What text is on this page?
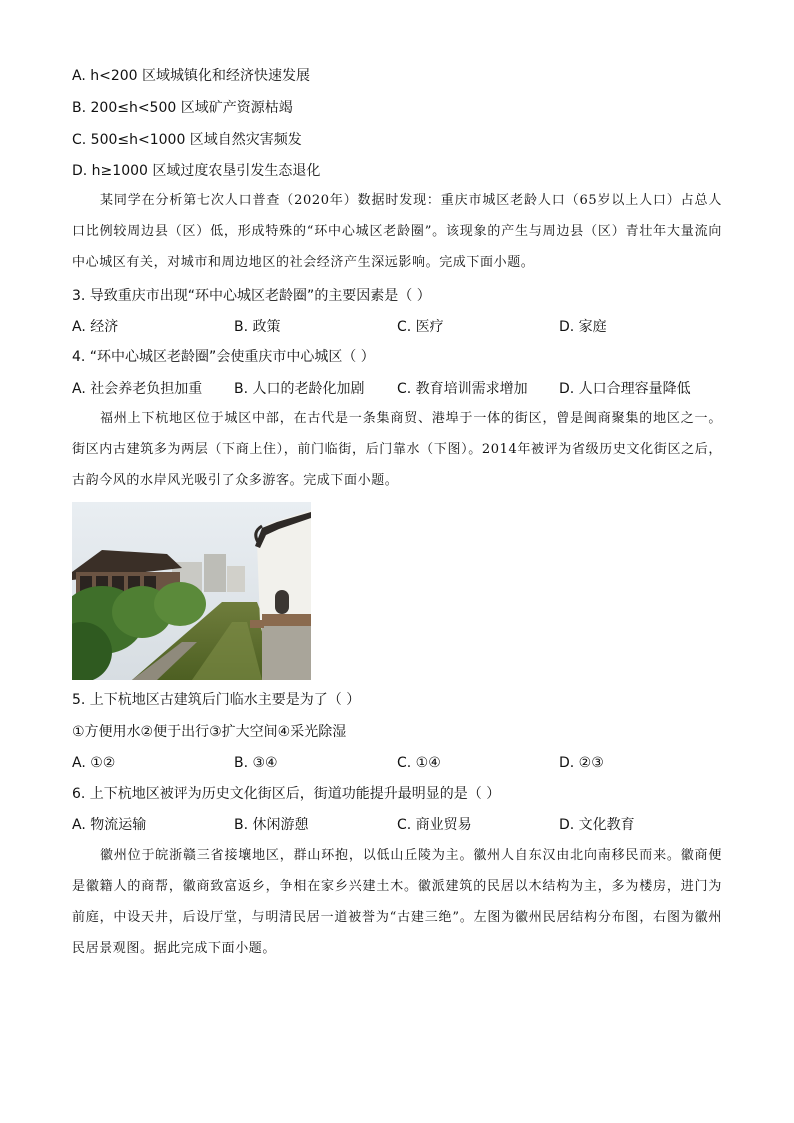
A. h<200 区域城镇化和经济快速发展
B. 200≤h<500 区域矿产资源枯竭
C. 500≤h<1000 区域自然灾害频发
D. h≥1000 区域过度农垦引发生态退化
某同学在分析第七次人口普查（2020年）数据时发现：重庆市城区老龄人口（65岁以上人口）占总人口比例较周边县（区）低，形成特殊的“环中心城区老龄圈”。该现象的产生与周边县（区）青壮年大量流向中心城区有关，对城市和周边地区的社会经济产生深远影响。完成下面小题。
3. 导致重庆市出现“环中心城区老龄圈”的主要因素是（ ）
A. 经济	B. 政策	C. 医疗	D. 家庭
4. “环中心城区老龄圈”会使重庆市中心城区（ ）
A. 社会养老负担加重 B. 人口的老龄化加剧 C. 教育培训需求增加 D. 人口合理容量降低
福州上下杭地区位于城区中部，在古代是一条集商贸、港埠于一体的街区，曾是闽商聚集的地区之一。街区内古建筑多为两层（下商上住），前门临街，后门靠水（下图）。2014年被评为省级历史文化街区之后，古韵今风的水岸风光吸引了众多游客。完成下面小题。
5. 上下杭地区古建筑后门临水主要是为了（ ）
①方便用水②便于出行③扩大空间④采光除湿
A. ①②	B. ③④	C. ①④	D. ②③
6. 上下杭地区被评为历史文化街区后，街道功能提升最明显的是（ ）
A. 物流运输	B. 休闲游憩	C. 商业贸易	D. 文化教育
徽州位于皖浙赣三省接壤地区，群山环抱，以低山丘陵为主。徽州人自东汉由北向南移民而来。徽商便是徽籍人的商帮，徽商致富返乡，争相在家乡兴建土木。徽派建筑的民居以木结构为主，多为楼房，进门为前庭，中设天井，后设厅堂，与明清民居一道被誉为“古建三绝”。左图为徽州民居结构分布图，右图为徽州民居景观图。据此完成下面小题。
